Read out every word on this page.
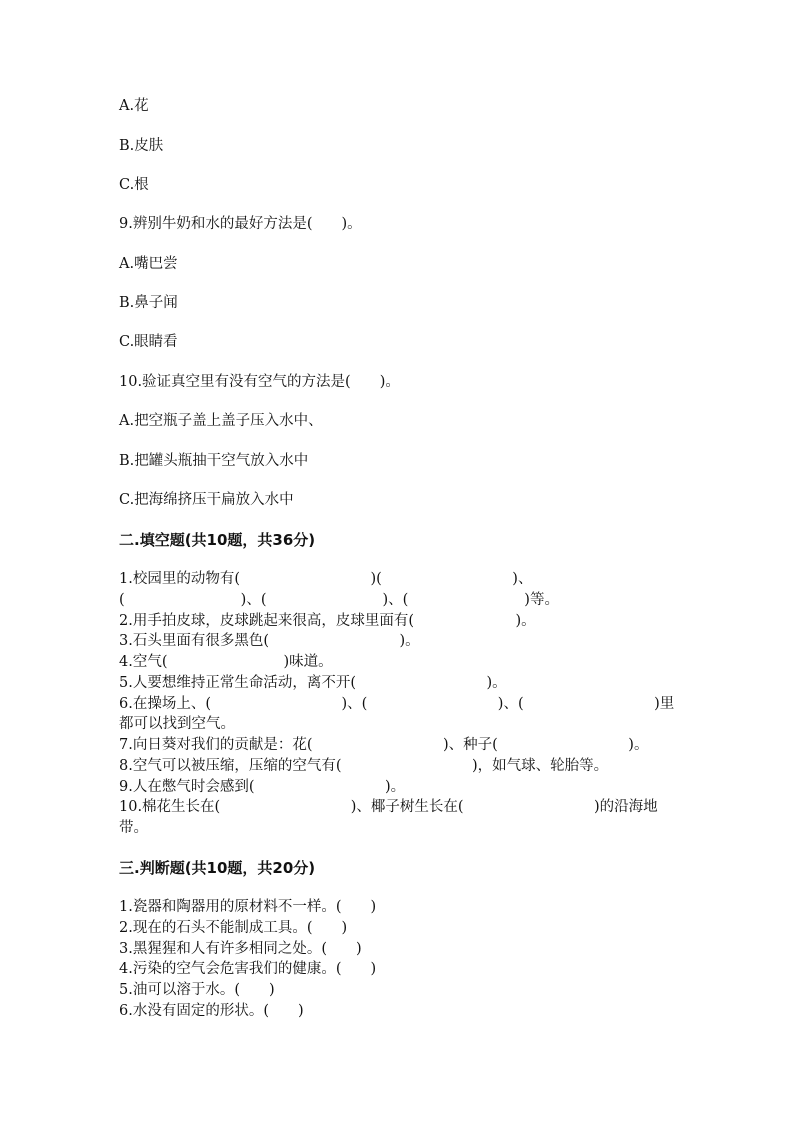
A.花
B.皮肤
C.根
9.辨别牛奶和水的最好方法是(　　)。
A.嘴巴尝
B.鼻子闻
C.眼睛看
10.验证真空里有没有空气的方法是(　　)。
A.把空瓶子盖上盖子压入水中、
B.把罐头瓶抽干空气放入水中
C.把海绵挤压干扁放入水中
二.填空题(共10题，共36分)
1.校园里的动物有(　　　　　　　　　)(　　　　　　　　　)、
(　　　　　　　　)、(　　　　　　　　)、(　　　　　　　　)等。
2.用手拍皮球，皮球跳起来很高，皮球里面有(　　　　　　　)。
3.石头里面有很多黑色(　　　　　　　　　)。
4.空气(　　　　　　　　)味道。
5.人要想维持正常生命活动，离不开(　　　　　　　　　)。
6.在操场上、(　　　　　　　　　)、(　　　　　　　　　)、(　　　　　　　　　)里
都可以找到空气。
7.向日葵对我们的贡献是：花(　　　　　　　　　)、种子(　　　　　　　　　)。
8.空气可以被压缩，压缩的空气有(　　　　　　　　　)，如气球、轮胎等。
9.人在憋气时会感到(　　　　　　　　　)。
10.棉花生长在(　　　　　　　　　)、椰子树生长在(　　　　　　　　　)的沿海地
带。
三.判断题(共10题，共20分)
1.瓷器和陶器用的原材料不一样。(　　)
2.现在的石头不能制成工具。(　　)
3.黑猩猩和人有许多相同之处。(　　)
4.污染的空气会危害我们的健康。(　　)
5.油可以溶于水。(　　)
6.水没有固定的形状。(　　)
